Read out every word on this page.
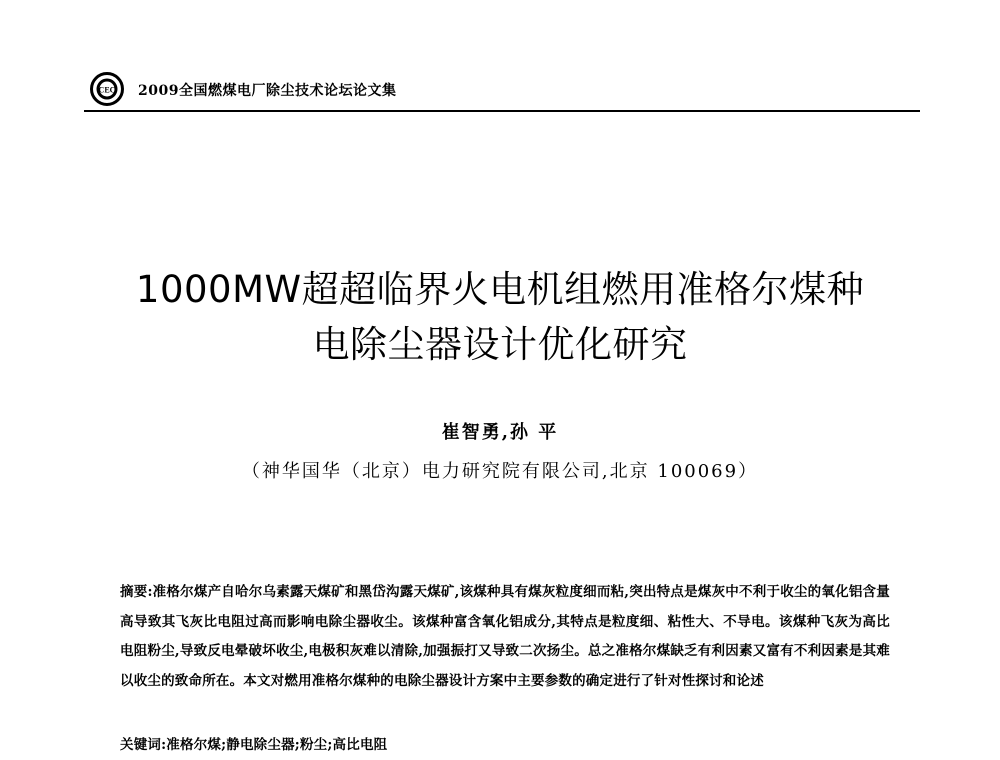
CEC 2009全国燃煤电厂除尘技术论坛论文集
1000MW超超临界火电机组燃用准格尔煤种
电除尘器设计优化研究
崔智勇,孙 平
（神华国华（北京）电力研究院有限公司,北京 100069）
摘要:准格尔煤产自哈尔乌素露天煤矿和黑岱沟露天煤矿,该煤种具有煤灰粒度细而粘,突出特点是煤灰中不利于收尘的氧化铝含量高导致其飞灰比电阻过高而影响电除尘器收尘。该煤种富含氧化铝成分,其特点是粒度细、粘性大、不导电。该煤种飞灰为高比电阻粉尘,导致反电晕破坏收尘,电极积灰难以清除,加强振打又导致二次扬尘。总之准格尔煤缺乏有利因素又富有不利因素是其难以收尘的致命所在。本文对燃用准格尔煤种的电除尘器设计方案中主要参数的确定进行了针对性探讨和论述
关键词:准格尔煤;静电除尘器;粉尘;高比电阻
